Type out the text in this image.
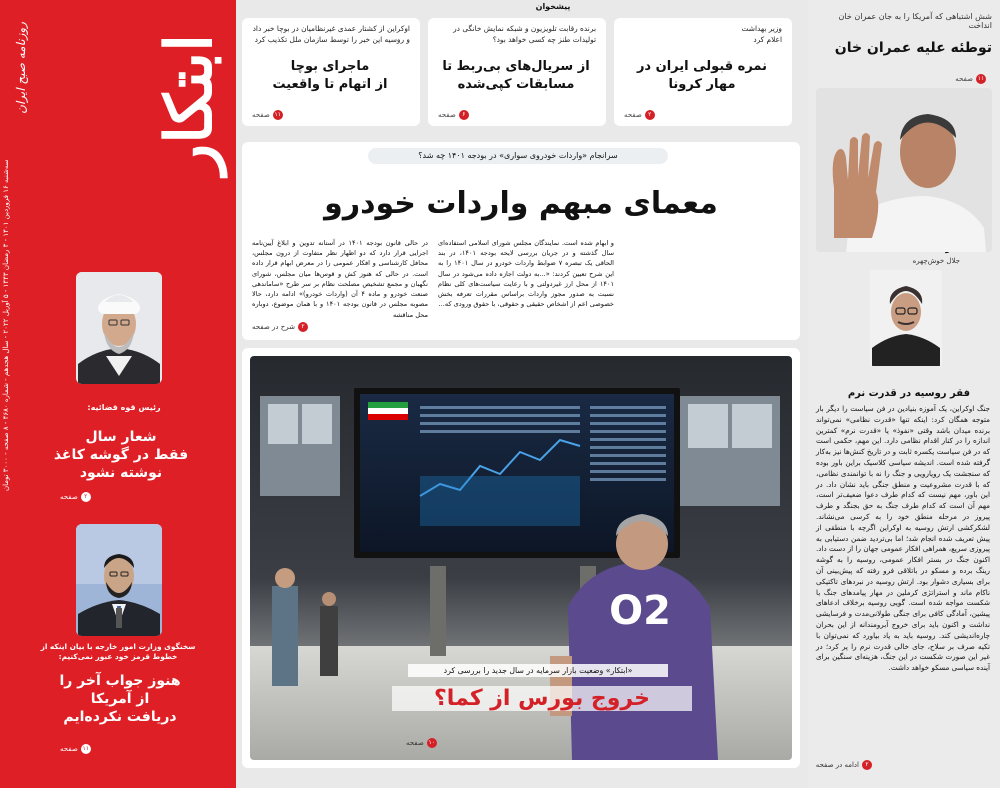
ابتکار
روزنامه صبح ایران
سه‌شنبه ۱۶ فروردین ۱۴۰۱ - ۳ رمضان ۱۴۴۳ - ۵ آوریل ۲۰۲۲ - سال هجدهم - شماره ۴۶۸۰ - ۸ صفحه - ۳۰۰۰ تومان
رئیس قوه قضائیه:
شعار سال
فقط در گوشه کاغذ
نوشته نشود
۲صفحه
سخنگوی وزارت امور خارجه با بیان اینکه از خطوط قرمز خود عبور نمی‌کنیم:
هنوز جواب آخر را
از آمریکا
دریافت نکرده‌ایم
۱۱صفحه
پیشخوان
وزیر بهداشت
اعلام کرد
نمره قبولی ایران در مهار کرونا
۲صفحه
برنده رقابت تلویزیون و شبکه نمایش خانگی در تولیدات طنز چه کسی خواهد بود؟
از سریال‌های بی‌ربط تا مسابقات کپی‌شده
۶صفحه
اوکراین از کشتار عمدی غیرنظامیان در بوچا خبر داد و روسیه این خبر را توسط سازمان ملل تکذیب کرد
ماجرای بوچا
از اتهام تا واقعیت
۱۱صفحه
سرانجام «واردات خودروی سواری» در بودجه ۱۴۰۱ چه شد؟
معمای مبهم واردات خودرو
در حالی قانون بودجه ۱۴۰۱ در آستانه تدوین و ابلاغ آیین‌نامه اجرایی قرار دارد که دو اظهار نظر متفاوت از درون مجلس، محافل کارشناسی و افکار عمومی را در معرض ابهام قرار داده است. در حالی که هنوز کش و قوس‌ها میان مجلس، شورای نگهبان و مجمع تشخیص مصلحت نظام بر سر طرح «ساماندهی صنعت خودرو و ماده ۴ آن (واردات خودرو)» ادامه دارد، حالا مصوبه مجلس در قانون بودجه ۱۴۰۱ و با همان موضوع، دوباره محل مناقشه
و ابهام شده است. نمایندگان مجلس شورای اسلامی استفاده‌ای سال گذشته و در جریان بررسی لایحه بودجه ۱۴۰۱، در بند الحاقی یک تبصره ۷ ضوابط واردات خودرو در سال ۱۴۰۱ را به این شرح تعیین کردند: «...به دولت اجازه داده می‌شود در سال ۱۴۰۱ از محل ارز غیردولتی و با رعایت سیاست‌های کلی نظام نسبت به صدور مجوز واردات براساس مقررات تعرفه بخش خصوصی اعم از اشخاص حقیقی و حقوقی، با حقوق ورودی که...
۲شرح در صفحه
O2
«ابتکار» وضعیت بازار سرمایه در سال جدید را بررسی کرد
خروج بورس از کما؟
۱۰صفحه
شش اشتباهی که آمریکا را به جان عمران خان انداخت
توطئه علیه عمران خان
۱۱صفحه
جلال خوش‌چهره
فقر روسیه در قدرت نرم
جنگ اوکراین، یک آموزه بنیادین در فن سیاست را دیگر بار متوجه همگان کرد: اینکه تنها «قدرت نظامی» نمی‌تواند برنده میدان باشد وقتی «نفوذ» یا «قدرت نرم» کمترین اندازه را در کنار اقدام نظامی دارد. این مهم، حکمی است که در فن سیاست یکسره ثابت و در تاریخ کنش‌ها نیز به‌کار گرفته شده است. اندیشه سیاسی کلاسیک براین باور بوده که سنجشت یک رویارویی و جنگ را نه با توانمندی نظامی، که با قدرت مشروعیت و منطق جنگی باید نشان داد. در این باور، مهم نیست که کدام طرف دعوا ضعیف‌تر است، مهم آن است که کدام طرف جنگ به حق بجنگد و طرف پیروز در مرحله منطق خود را به کرسی می‌نشاند. لشکرکشی ارتش روسیه به اوکراین اگرچه با منطقی از پیش تعریف شده انجام شد؛ اما بی‌تردید ضمن دستیابی به پیروزی سریع، همراهی افکار عمومی جهان را از دست داد. اکنون جنگ در بستر افکار عمومی، روسیه را به گوشه رینگ برده و مسکو در باتلاقی فرو رفته که پیش‌بینی آن برای بسیاری دشوار بود. ارتش روسیه در نبردهای تاکتیکی ناکام ماند و استراتژی کرملین در مهار پیامدهای جنگ با شکست مواجه شده است. گویی روسیه برخلاف ادعاهای پیشین، آمادگی کافی برای جنگی طولانی‌مدت و فرسایشی نداشت و اکنون باید برای خروج آبرومندانه از این بحران چاره‌اندیشی کند. روسیه باید به یاد بیاورد که نمی‌توان با تکیه صرف بر سلاح، جای خالی قدرت نرم را پر کرد؛ در غیر این صورت شکست در این جنگ، هزینه‌ای سنگین برای آینده سیاسی مسکو خواهد داشت.
۲ادامه در صفحه
